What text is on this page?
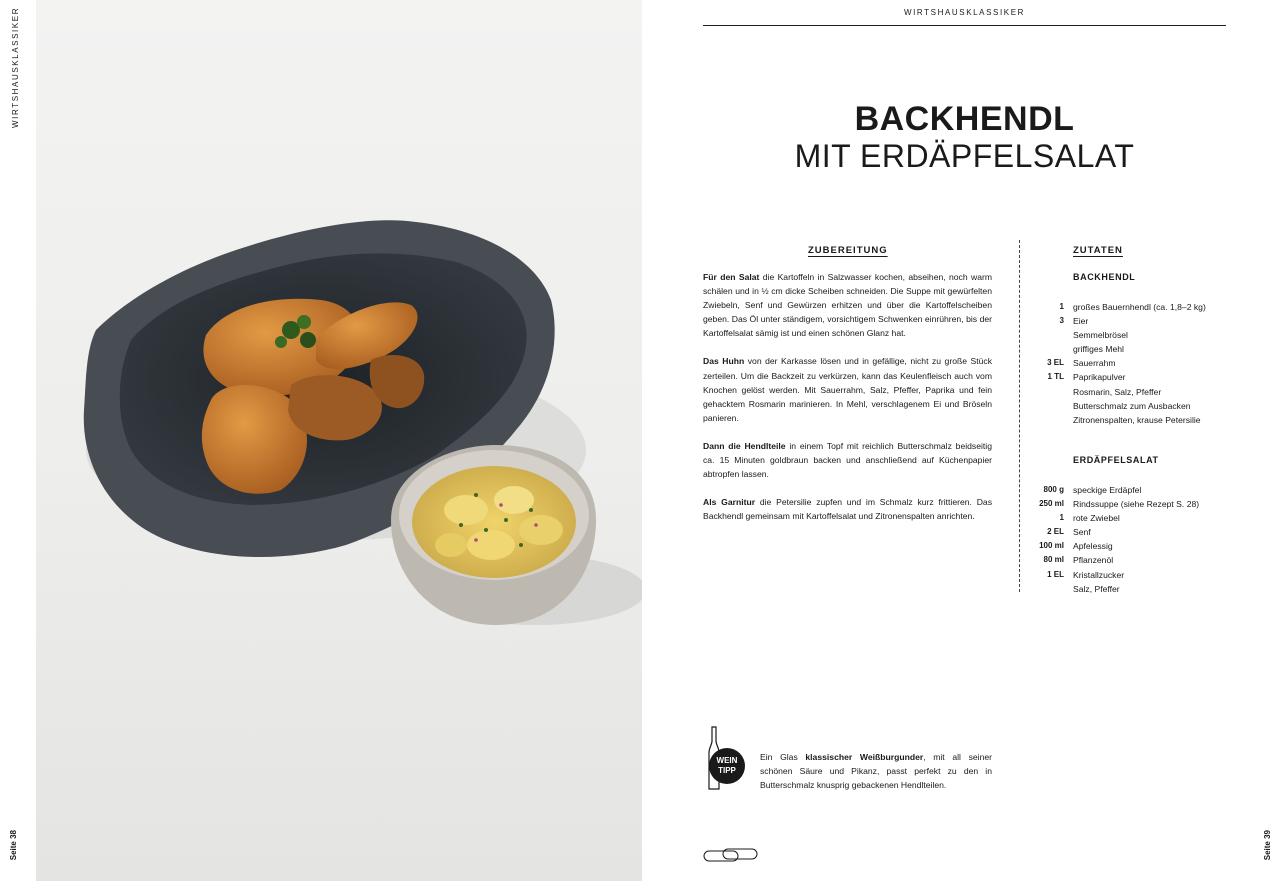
WIRTSHAUSKLASSIKER
Seite 38
WIRTSHAUSKLASSIKER
BACKHENDL
MIT ERDÄPFELSALAT
ZUBEREITUNG

Für den Salat die Kartoffeln in Salzwasser kochen, abseihen, noch warm schälen und in ½ cm dicke Scheiben schneiden. Die Suppe mit gewürfelten Zwiebeln, Senf und Gewürzen erhitzen und über die Kartoffelscheiben geben. Das Öl unter ständigem, vorsichtigem Schwenken einrühren, bis der Kartoffelsalat sämig ist und einen schönen Glanz hat.

Das Huhn von der Karkasse lösen und in gefällige, nicht zu große Stück zerteilen. Um die Backzeit zu verkürzen, kann das Keulenfleisch auch vom Knochen gelöst werden. Mit Sauerrahm, Salz, Pfeffer, Paprika und fein gehacktem Rosmarin marinieren. In Mehl, verschlagenem Ei und Bröseln panieren.

Dann die Hendlteile in einem Topf mit reichlich Butterschmalz beidseitig ca. 15 Minuten goldbraun backen und anschließend auf Küchenpapier abtropfen lassen.

Als Garnitur die Petersilie zupfen und im Schmalz kurz frittieren. Das Backhendl gemeinsam mit Kartoffelsalat und Zitronenspalten anrichten.

ZUTATEN
BACKHENDL
1	großes Bauernhendl (ca. 1,8–2 kg)
3	Eier
Semmelbrösel
griffiges Mehl
3 EL	Sauerrahm
1 TL	Paprikapulver
Rosmarin, Salz, Pfeffer
Butterschmalz zum Ausbacken
Zitronenspalten, krause Petersilie
ERDÄPFELSALAT
800 g	speckige Erdäpfel
250 ml	Rindssuppe (siehe Rezept S. 28)
1	rote Zwiebel
2 EL	Senf
100 ml	Apfelessig
80 ml	Pflanzenöl
1 EL	Kristallzucker
Salz, Pfeffer
WEIN
TIPP
Ein Glas klassischer Weißburgunder, mit all seiner schönen Säure und Pikanz, passt perfekt zu den in Butterschmalz knusprig gebackenen Hendlteilen.
Seite 39
